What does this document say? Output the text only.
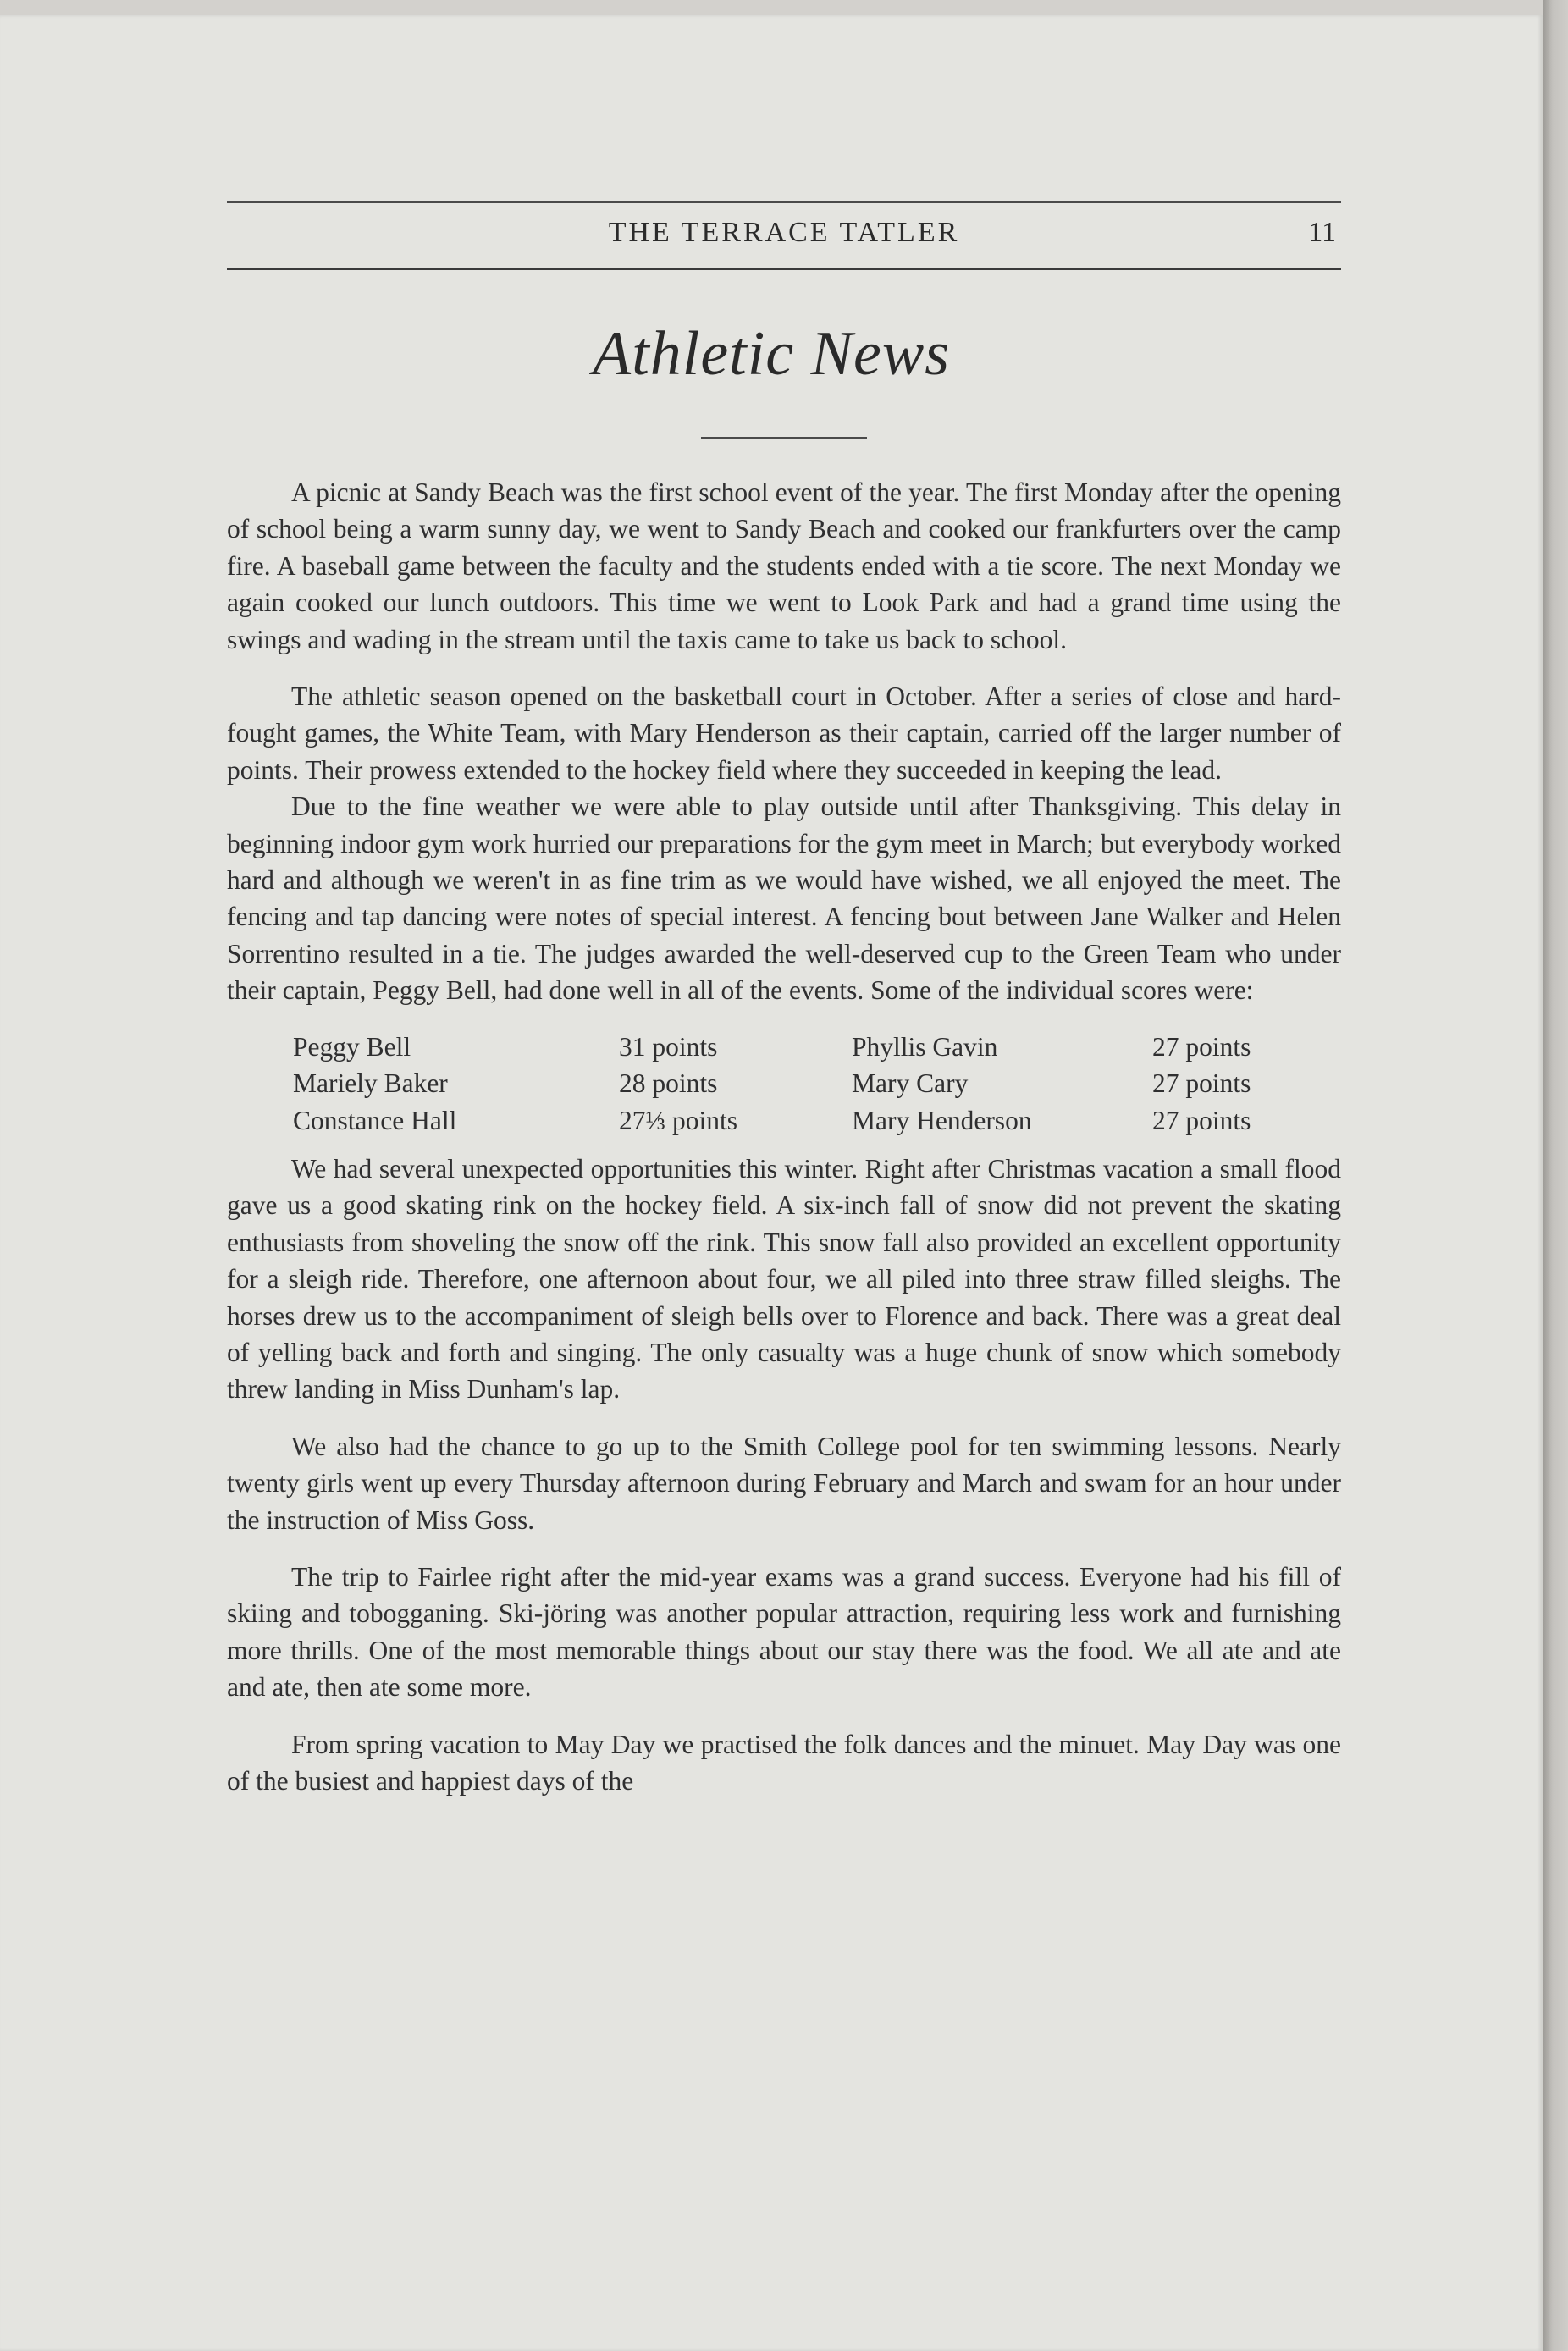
THE TERRACE TATLER	11
Athletic News

A picnic at Sandy Beach was the first school event of the year. The first Monday after the opening of school being a warm sunny day, we went to Sandy Beach and cooked our frankfurters over the camp fire. A baseball game between the faculty and the students ended with a tie score. The next Monday we again cooked our lunch outdoors. This time we went to Look Park and had a grand time using the swings and wading in the stream until the taxis came to take us back to school.

The athletic season opened on the basketball court in October. After a series of close and hard-fought games, the White Team, with Mary Henderson as their captain, carried off the larger number of points. Their prowess extended to the hockey field where they succeeded in keeping the lead.

Due to the fine weather we were able to play outside until after Thanksgiving. This delay in beginning indoor gym work hurried our preparations for the gym meet in March; but everybody worked hard and although we weren't in as fine trim as we would have wished, we all enjoyed the meet. The fencing and tap dancing were notes of special interest. A fencing bout between Jane Walker and Helen Sorrentino resulted in a tie. The judges awarded the well-deserved cup to the Green Team who under their captain, Peggy Bell, had done well in all of the events. Some of the individual scores were:

Peggy Bell	31 points	Phyllis Gavin	27 points
Mariely Baker	28 points	Mary Cary	27 points
Constance Hall	27⅓ points	Mary Henderson	27 points

We had several unexpected opportunities this winter. Right after Christmas vacation a small flood gave us a good skating rink on the hockey field. A six-inch fall of snow did not prevent the skating enthusiasts from shoveling the snow off the rink. This snow fall also provided an excellent opportunity for a sleigh ride. Therefore, one afternoon about four, we all piled into three straw filled sleighs. The horses drew us to the accompaniment of sleigh bells over to Florence and back. There was a great deal of yelling back and forth and singing. The only casualty was a huge chunk of snow which somebody threw landing in Miss Dunham's lap.

We also had the chance to go up to the Smith College pool for ten swimming lessons. Nearly twenty girls went up every Thursday afternoon during February and March and swam for an hour under the instruction of Miss Goss.

The trip to Fairlee right after the mid-year exams was a grand success. Everyone had his fill of skiing and tobogganing. Ski-jöring was another popular attraction, requiring less work and furnishing more thrills. One of the most memorable things about our stay there was the food. We all ate and ate and ate, then ate some more.

From spring vacation to May Day we practised the folk dances and the minuet. May Day was one of the busiest and happiest days of the
